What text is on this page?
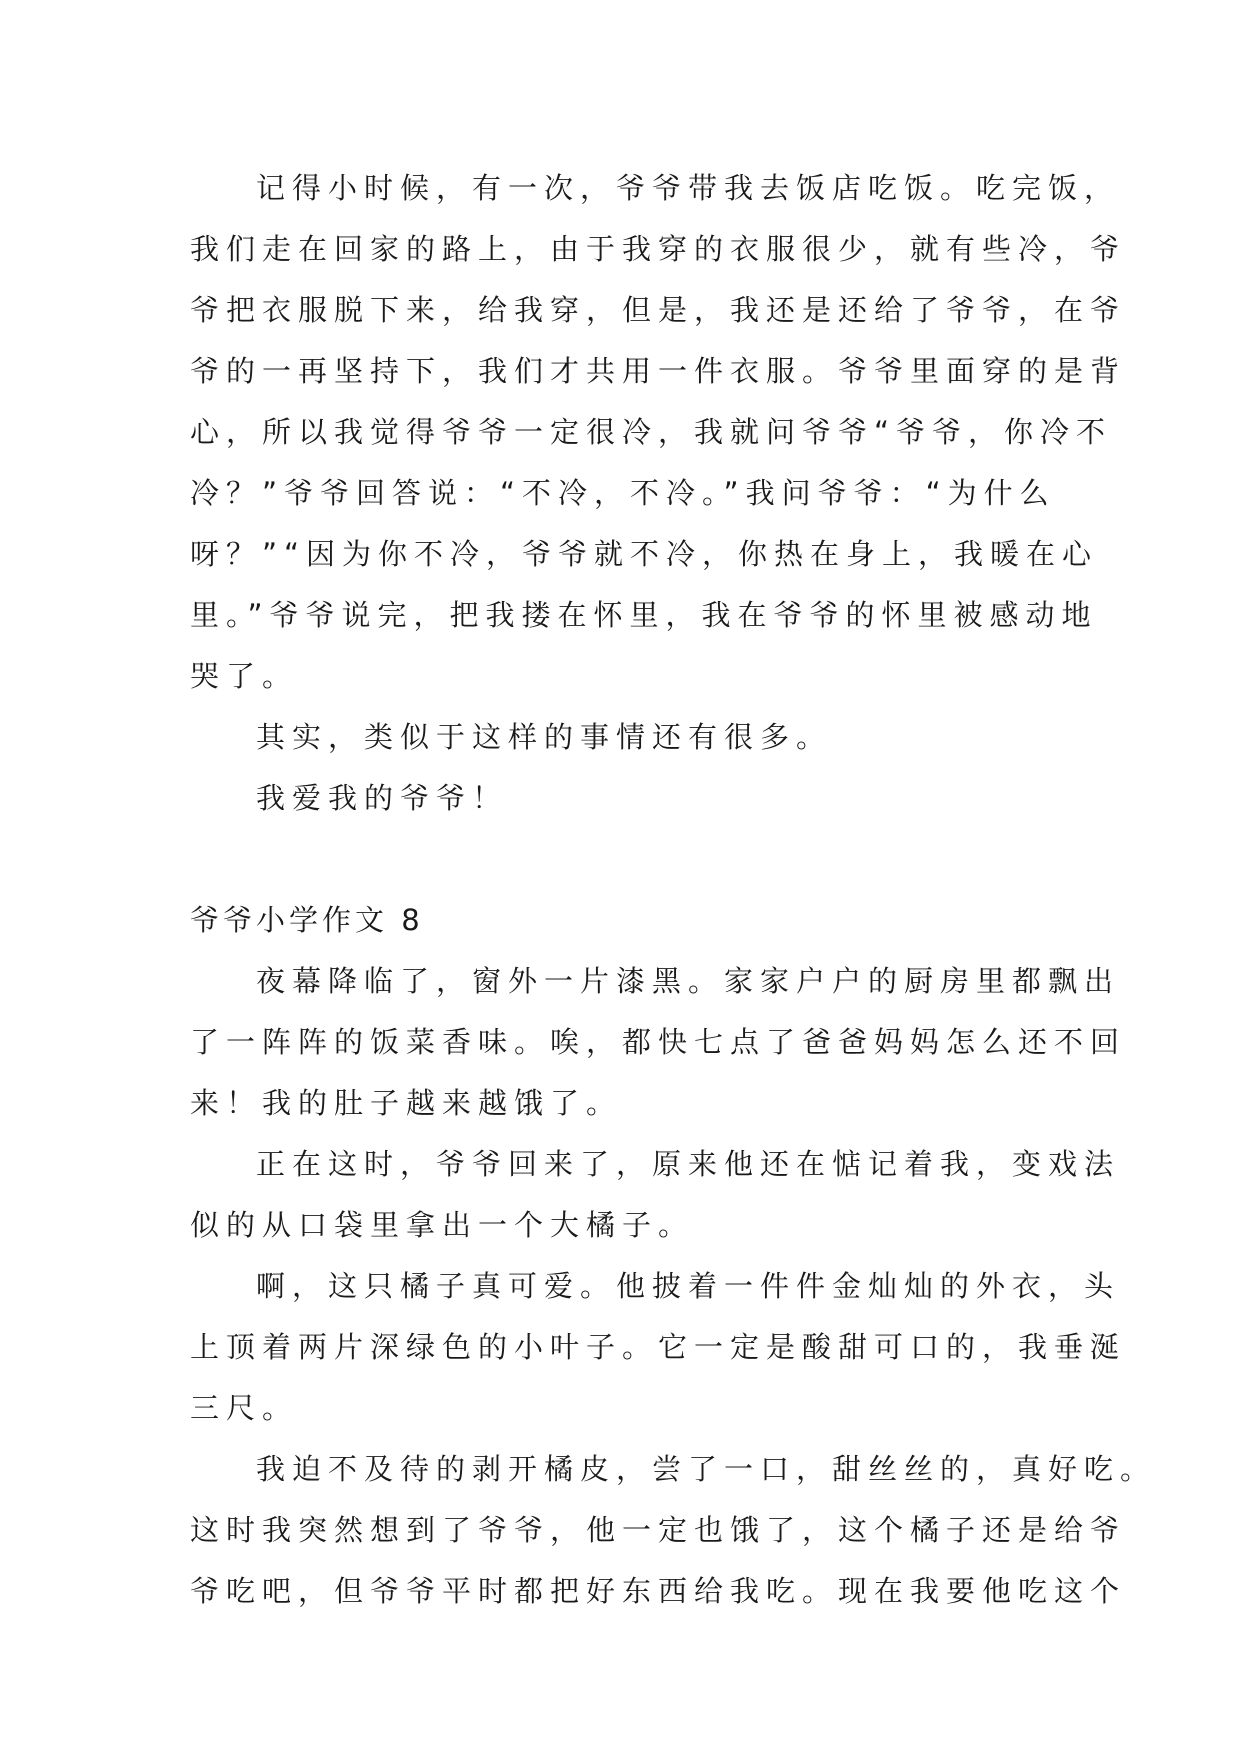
记得小时候，有一次，爷爷带我去饭店吃饭。吃完饭，
我们走在回家的路上，由于我穿的衣服很少，就有些冷，爷
爷把衣服脱下来，给我穿，但是，我还是还给了爷爷，在爷
爷的一再坚持下，我们才共用一件衣服。爷爷里面穿的是背
心，所以我觉得爷爷一定很冷，我就问爷爷“爷爷，你冷不
冷？”爷爷回答说：“不冷，不冷。”我问爷爷：“为什么
呀？”“因为你不冷，爷爷就不冷，你热在身上，我暖在心
里。”爷爷说完，把我搂在怀里，我在爷爷的怀里被感动地
哭了。
其实，类似于这样的事情还有很多。
我爱我的爷爷！
爷爷小学作文 8
夜幕降临了，窗外一片漆黑。家家户户的厨房里都飘出
了一阵阵的饭菜香味。唉，都快七点了爸爸妈妈怎么还不回
来！我的肚子越来越饿了。
正在这时，爷爷回来了，原来他还在惦记着我，变戏法
似的从口袋里拿出一个大橘子。
啊，这只橘子真可爱。他披着一件件金灿灿的外衣，头
上顶着两片深绿色的小叶子。它一定是酸甜可口的，我垂涎
三尺。
我迫不及待的剥开橘皮，尝了一口，甜丝丝的，真好吃。
这时我突然想到了爷爷，他一定也饿了，这个橘子还是给爷
爷吃吧，但爷爷平时都把好东西给我吃。现在我要他吃这个
